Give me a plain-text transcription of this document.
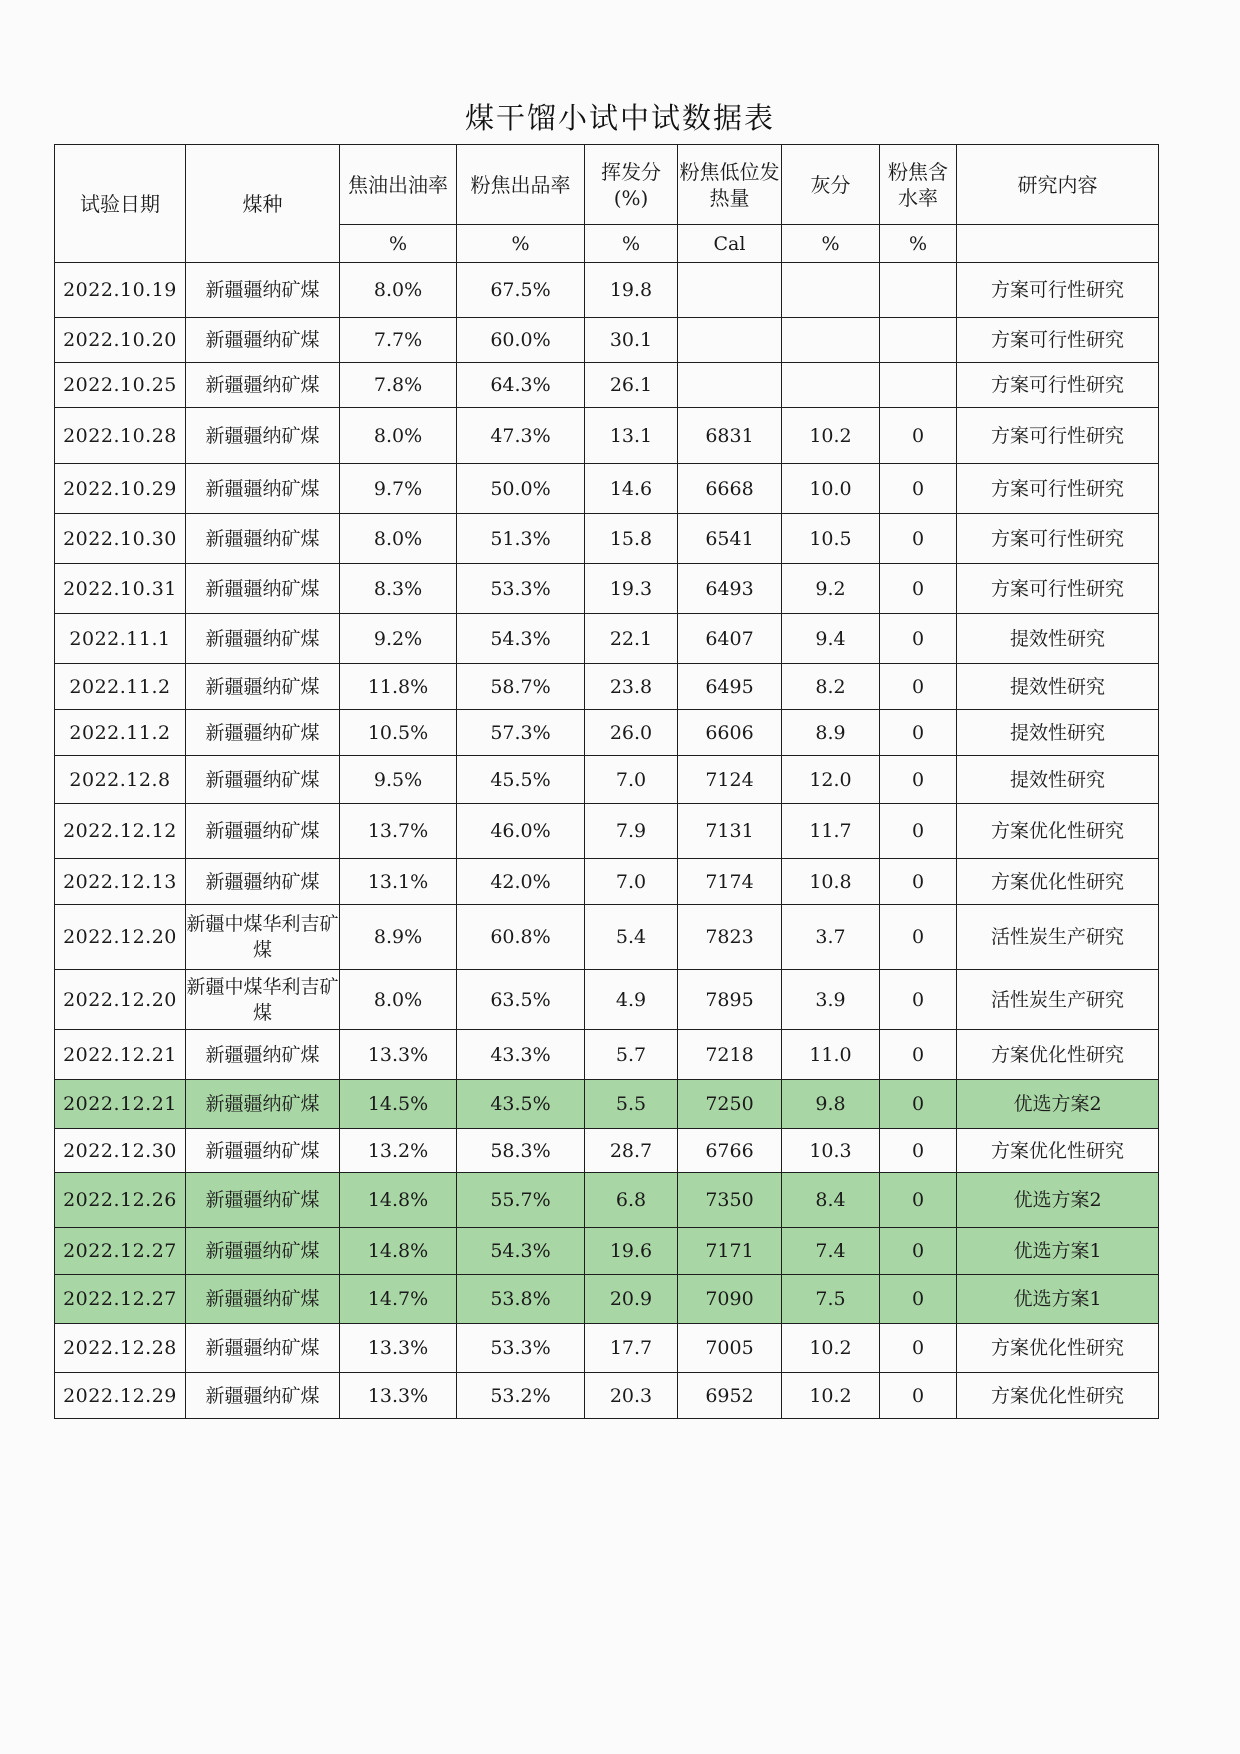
煤干馏小试中试数据表
试验日期	煤种	焦油出油率	粉焦出品率	挥发分(%)	粉焦低位发热量	灰分	粉焦含水率	研究内容
		%	%	%	Cal	%	%	
2022.10.19	新疆疆纳矿煤	8.0%	67.5%	19.8				方案可行性研究
2022.10.20	新疆疆纳矿煤	7.7%	60.0%	30.1				方案可行性研究
2022.10.25	新疆疆纳矿煤	7.8%	64.3%	26.1				方案可行性研究
2022.10.28	新疆疆纳矿煤	8.0%	47.3%	13.1	6831	10.2	0	方案可行性研究
2022.10.29	新疆疆纳矿煤	9.7%	50.0%	14.6	6668	10.0	0	方案可行性研究
2022.10.30	新疆疆纳矿煤	8.0%	51.3%	15.8	6541	10.5	0	方案可行性研究
2022.10.31	新疆疆纳矿煤	8.3%	53.3%	19.3	6493	9.2	0	方案可行性研究
2022.11.1	新疆疆纳矿煤	9.2%	54.3%	22.1	6407	9.4	0	提效性研究
2022.11.2	新疆疆纳矿煤	11.8%	58.7%	23.8	6495	8.2	0	提效性研究
2022.11.2	新疆疆纳矿煤	10.5%	57.3%	26.0	6606	8.9	0	提效性研究
2022.12.8	新疆疆纳矿煤	9.5%	45.5%	7.0	7124	12.0	0	提效性研究
2022.12.12	新疆疆纳矿煤	13.7%	46.0%	7.9	7131	11.7	0	方案优化性研究
2022.12.13	新疆疆纳矿煤	13.1%	42.0%	7.0	7174	10.8	0	方案优化性研究
2022.12.20	新疆中煤华利吉矿煤	8.9%	60.8%	5.4	7823	3.7	0	活性炭生产研究
2022.12.20	新疆中煤华利吉矿煤	8.0%	63.5%	4.9	7895	3.9	0	活性炭生产研究
2022.12.21	新疆疆纳矿煤	13.3%	43.3%	5.7	7218	11.0	0	方案优化性研究
2022.12.21	新疆疆纳矿煤	14.5%	43.5%	5.5	7250	9.8	0	优选方案2
2022.12.30	新疆疆纳矿煤	13.2%	58.3%	28.7	6766	10.3	0	方案优化性研究
2022.12.26	新疆疆纳矿煤	14.8%	55.7%	6.8	7350	8.4	0	优选方案2
2022.12.27	新疆疆纳矿煤	14.8%	54.3%	19.6	7171	7.4	0	优选方案1
2022.12.27	新疆疆纳矿煤	14.7%	53.8%	20.9	7090	7.5	0	优选方案1
2022.12.28	新疆疆纳矿煤	13.3%	53.3%	17.7	7005	10.2	0	方案优化性研究
2022.12.29	新疆疆纳矿煤	13.3%	53.2%	20.3	6952	10.2	0	方案优化性研究
